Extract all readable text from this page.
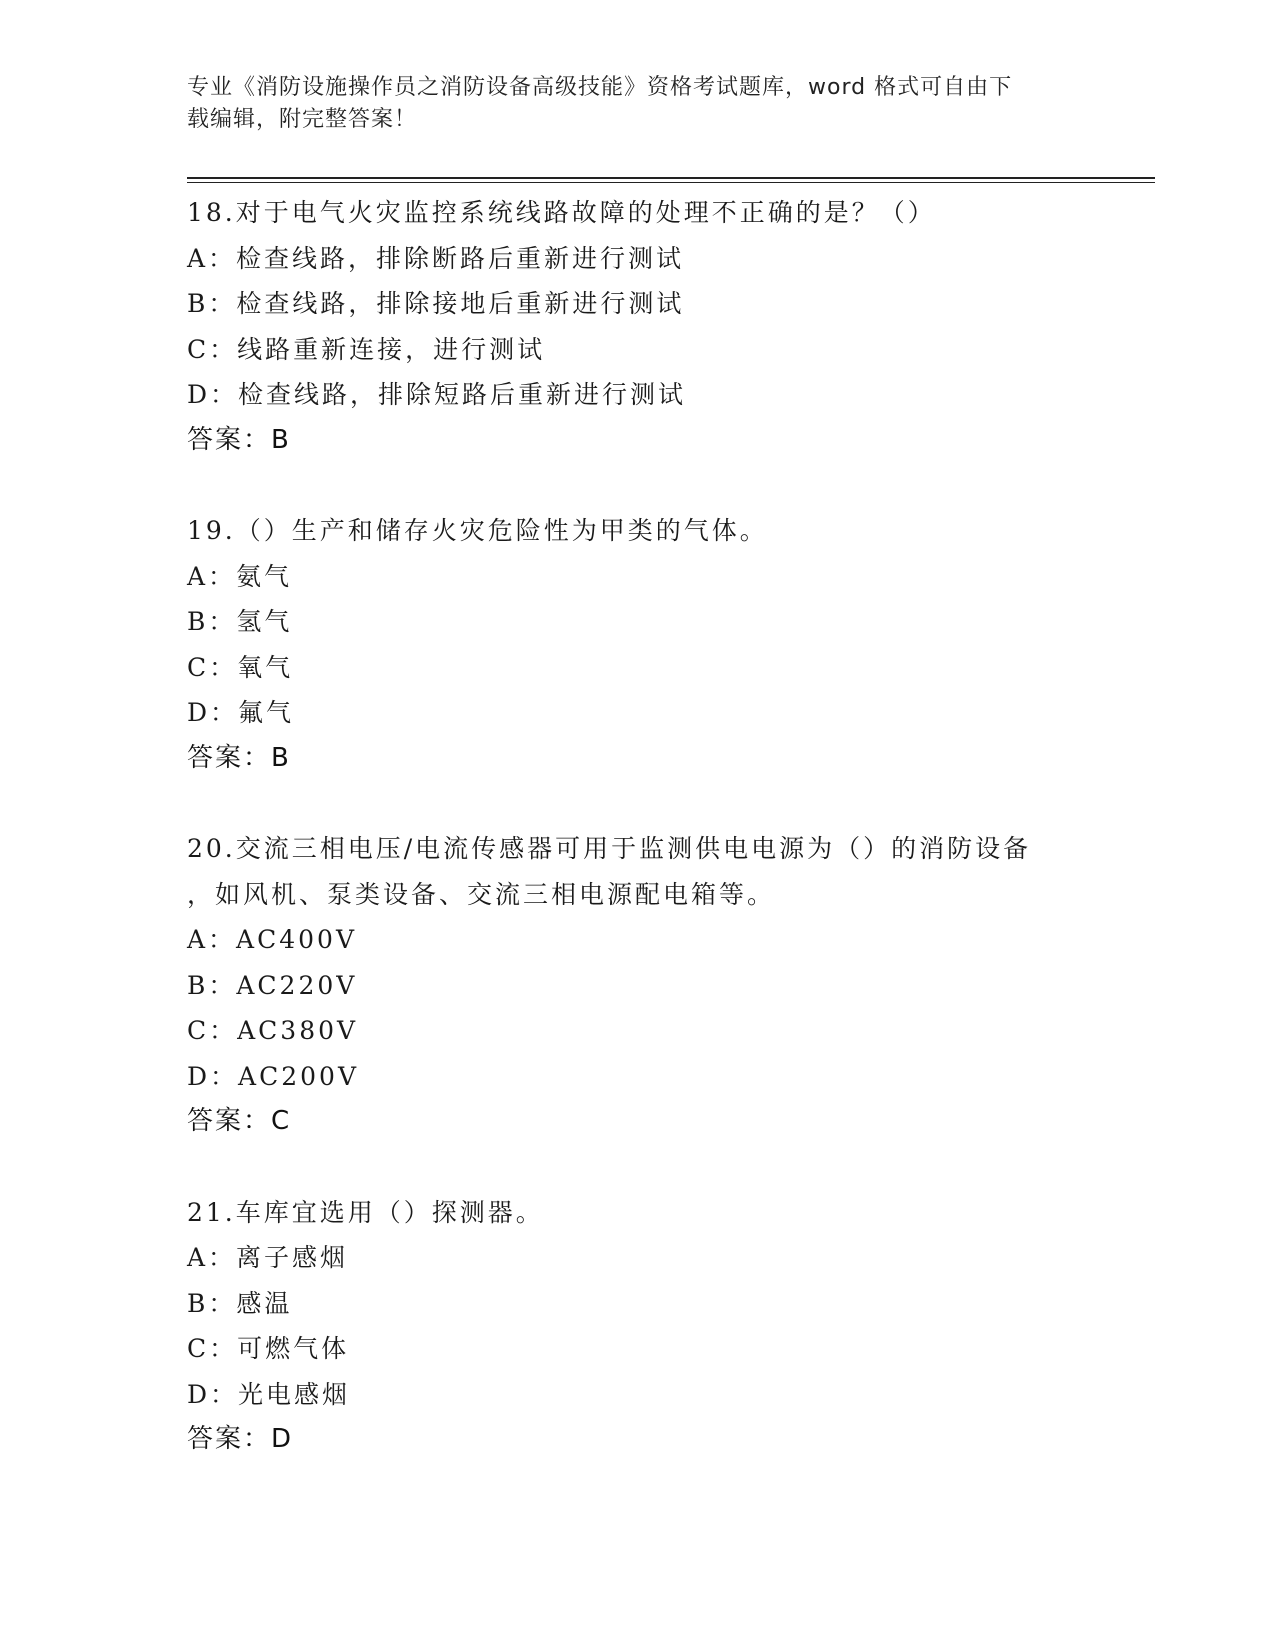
专业《消防设施操作员之消防设备高级技能》资格考试题库，word 格式可自由下
载编辑，附完整答案！
18.对于电气火灾监控系统线路故障的处理不正确的是？（）
A：检查线路，排除断路后重新进行测试
B：检查线路，排除接地后重新进行测试
C：线路重新连接，进行测试
D：检查线路，排除短路后重新进行测试
答案：B
19.（）生产和储存火灾危险性为甲类的气体。
A：氨气
B：氢气
C：氧气
D：氟气
答案：B
20.交流三相电压/电流传感器可用于监测供电电源为（）的消防设备
，如风机、泵类设备、交流三相电源配电箱等。
A：AC400V
B：AC220V
C：AC380V
D：AC200V
答案：C
21.车库宜选用（）探测器。
A：离子感烟
B：感温
C：可燃气体
D：光电感烟
答案：D
